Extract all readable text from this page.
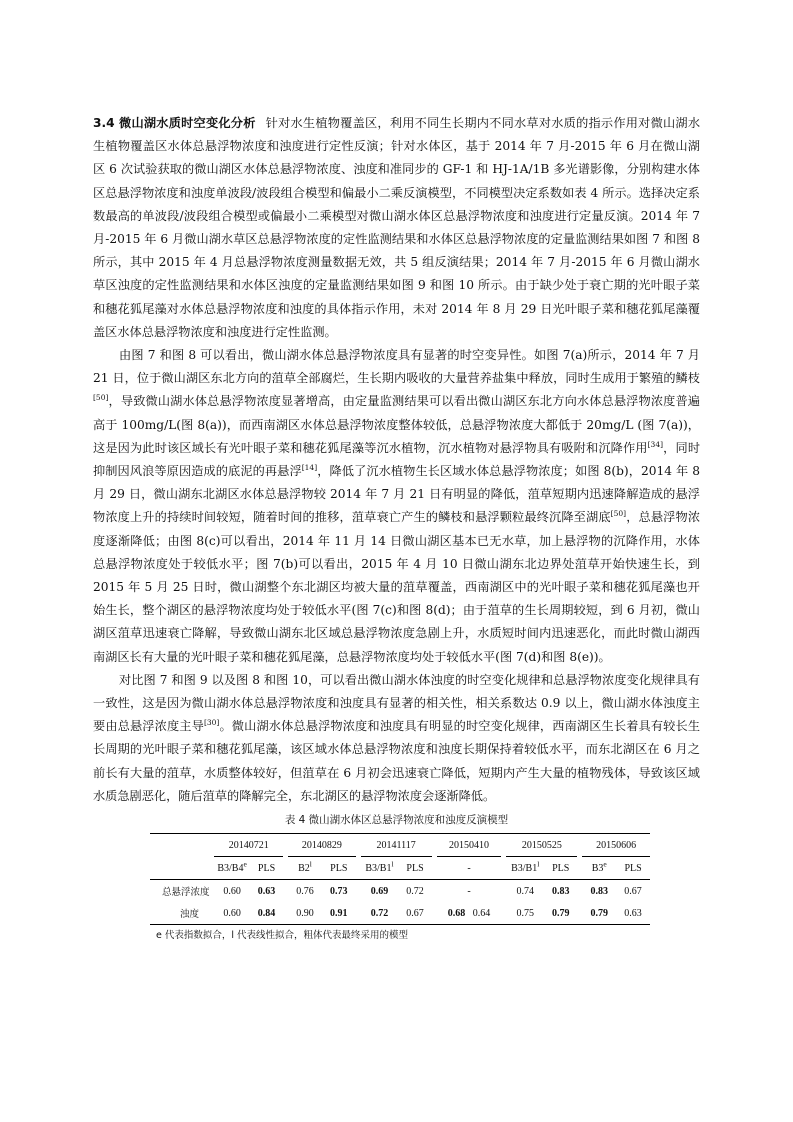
3.4 微山湖水质时空变化分析 针对水生植物覆盖区，利用不同生长期内不同水草对水质的指示作用对微山湖水生植物覆盖区水体总悬浮物浓度和浊度进行定性反演；针对水体区，基于 2014 年 7 月-2015 年 6 月在微山湖区 6 次试验获取的微山湖区水体总悬浮物浓度、浊度和准同步的 GF-1 和 HJ-1A/1B 多光谱影像，分别构建水体区总悬浮物浓度和浊度单波段/波段组合模型和偏最小二乘反演模型，不同模型决定系数如表 4 所示。选择决定系数最高的单波段/波段组合模型或偏最小二乘模型对微山湖水体区总悬浮物浓度和浊度进行定量反演。2014 年 7 月-2015 年 6 月微山湖水草区总悬浮物浓度的定性监测结果和水体区总悬浮物浓度的定量监测结果如图 7 和图 8 所示，其中 2015 年 4 月总悬浮物浓度测量数据无效，共 5 组反演结果；2014 年 7 月-2015 年 6 月微山湖水草区浊度的定性监测结果和水体区浊度的定量监测结果如图 9 和图 10 所示。由于缺少处于衰亡期的光叶眼子菜和穗花狐尾藻对水体总悬浮物浓度和浊度的具体指示作用，未对 2014 年 8 月 29 日光叶眼子菜和穗花狐尾藻覆盖区水体总悬浮物浓度和浊度进行定性监测。

由图 7 和图 8 可以看出，微山湖水体总悬浮物浓度具有显著的时空变异性。如图 7(a)所示，2014 年 7 月 21 日，位于微山湖区东北方向的菹草全部腐烂，生长期内吸收的大量营养盐集中释放，同时生成用于繁殖的鳞枝[50]，导致微山湖水体总悬浮物浓度显著增高，由定量监测结果可以看出微山湖区东北方向水体总悬浮物浓度普遍高于 100mg/L(图 8(a))，而西南湖区水体总悬浮物浓度整体较低，总悬浮物浓度大都低于 20mg/L (图 7(a))，这是因为此时该区域长有光叶眼子菜和穗花狐尾藻等沉水植物，沉水植物对悬浮物具有吸附和沉降作用[34]，同时抑制因风浪等原因造成的底泥的再悬浮[14]，降低了沉水植物生长区域水体总悬浮物浓度；如图 8(b)，2014 年 8 月 29 日，微山湖东北湖区水体总悬浮物较 2014 年 7 月 21 日有明显的降低，菹草短期内迅速降解造成的悬浮物浓度上升的持续时间较短，随着时间的推移，菹草衰亡产生的鳞枝和悬浮颗粒最终沉降至湖底[50]，总悬浮物浓度逐渐降低；由图 8(c)可以看出，2014 年 11 月 14 日微山湖区基本已无水草，加上悬浮物的沉降作用，水体总悬浮物浓度处于较低水平；图 7(b)可以看出，2015 年 4 月 10 日微山湖东北边界处菹草开始快速生长，到 2015 年 5 月 25 日时，微山湖整个东北湖区均被大量的菹草覆盖，西南湖区中的光叶眼子菜和穗花狐尾藻也开始生长，整个湖区的悬浮物浓度均处于较低水平(图 7(c)和图 8(d)；由于菹草的生长周期较短，到 6 月初，微山湖区菹草迅速衰亡降解，导致微山湖东北区域总悬浮物浓度急剧上升，水质短时间内迅速恶化，而此时微山湖西南湖区长有大量的光叶眼子菜和穗花狐尾藻，总悬浮物浓度均处于较低水平(图 7(d)和图 8(e))。

对比图 7 和图 9 以及图 8 和图 10，可以看出微山湖水体浊度的时空变化规律和总悬浮物浓度变化规律具有一致性，这是因为微山湖水体总悬浮物浓度和浊度具有显著的相关性，相关系数达 0.9 以上，微山湖水体浊度主要由总悬浮浓度主导[30]。微山湖水体总悬浮物浓度和浊度具有明显的时空变化规律，西南湖区生长着具有较长生长周期的光叶眼子菜和穗花狐尾藻，该区域水体总悬浮物浓度和浊度长期保持着较低水平，而东北湖区在 6 月之前长有大量的菹草，水质整体较好，但菹草在 6 月初会迅速衰亡降低，短期内产生大量的植物残体，导致该区域水质急剧恶化，随后菹草的降解完全，东北湖区的悬浮物浓度会逐渐降低。

表 4 微山湖水体区总悬浮物浓度和浊度反演模型

	20140721			20140829			20141117			20150410		20150525			20150606	
	B3/B4e	PLS		B2$^l$	PLS		B3/B1$^l$	PLS		-		B3/B1$^l$	PLS		B3e	PLS

总悬浮浓度	0.60	0.63		0.76	0.73		0.69	0.72		-		0.74	0.83		0.83	0.67
浊度	0.60	0.84		0.90	0.91		0.72	0.67		0.68 0.64		0.75	0.79		0.79	0.63

e 代表指数拟合，l 代表线性拟合，粗体代表最终采用的模型
